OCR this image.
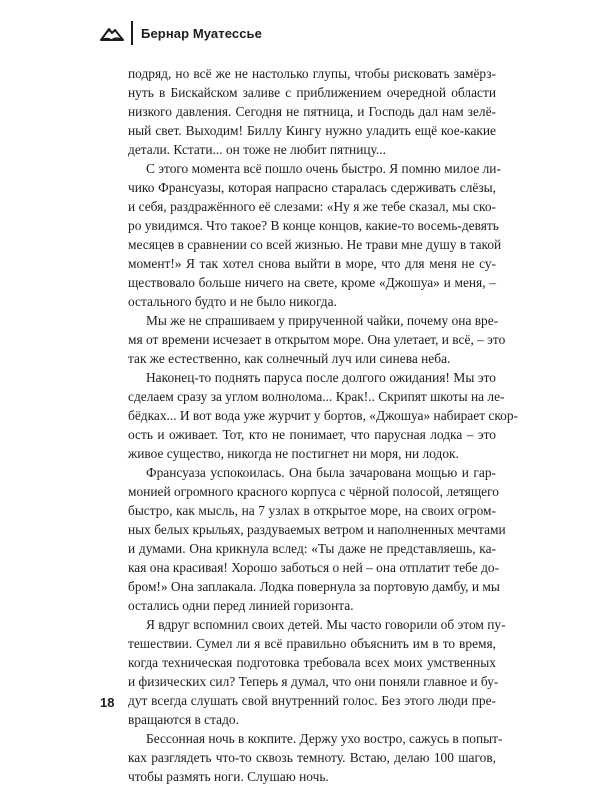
Бернар Муатессье
подряд, но всё же не настолько глупы, чтобы рисковать замёрз-
нуть в Бискайском заливе с приближением очередной области
низкого давления. Сегодня не пятница, и Господь дал нам зелё-
ный свет. Выходим! Биллу Кингу нужно уладить ещё кое-какие
детали. Кстати... он тоже не любит пятницу...
С этого момента всё пошло очень быстро. Я помню милое ли-
чико Франсуазы, которая напрасно старалась сдерживать слёзы,
и себя, раздражённого её слезами: «Ну я же тебе сказал, мы ско-
ро увидимся. Что такое? В конце концов, какие-то восемь-девять
месяцев в сравнении со всей жизнью. Не трави мне душу в такой
момент!» Я так хотел снова выйти в море, что для меня не су-
ществовало больше ничего на свете, кроме «Джошуа» и меня, –
остального будто и не было никогда.
Мы же не спрашиваем у прирученной чайки, почему она вре-
мя от времени исчезает в открытом море. Она улетает, и всё, – это
так же естественно, как солнечный луч или синева неба.
Наконец-то поднять паруса после долгого ожидания! Мы это
сделаем сразу за углом волнолома... Крак!.. Скрипят шкоты на ле-
бёдках... И вот вода уже журчит у бортов, «Джошуа» набирает скор-
ость и оживает. Тот, кто не понимает, что парусная лодка – это
живое существо, никогда не постигнет ни моря, ни лодок.
Франсуаза успокоилась. Она была зачарована мощью и гар-
монией огромного красного корпуса с чёрной полосой, летящего
быстро, как мысль, на 7 узлах в открытое море, на своих огром-
ных белых крыльях, раздуваемых ветром и наполненных мечтами
и думами. Она крикнула вслед: «Ты даже не представляешь, ка-
кая она красивая! Хорошо заботься о ней – она отплатит тебе до-
бром!» Она заплакала. Лодка повернула за портовую дамбу, и мы
остались одни перед линией горизонта.
Я вдруг вспомнил своих детей. Мы часто говорили об этом пу-
тешествии. Сумел ли я всё правильно объяснить им в то время,
когда техническая подготовка требовала всех моих умственных
и физических сил? Теперь я думал, что они поняли главное и бу-
дут всегда слушать свой внутренний голос. Без этого люди пре-
вращаются в стадо.
Бессонная ночь в кокпите. Держу ухо востро, сажусь в попыт-
ках разглядеть что-то сквозь темноту. Встаю, делаю 100 шагов,
чтобы размять ноги. Слушаю ночь.
18
